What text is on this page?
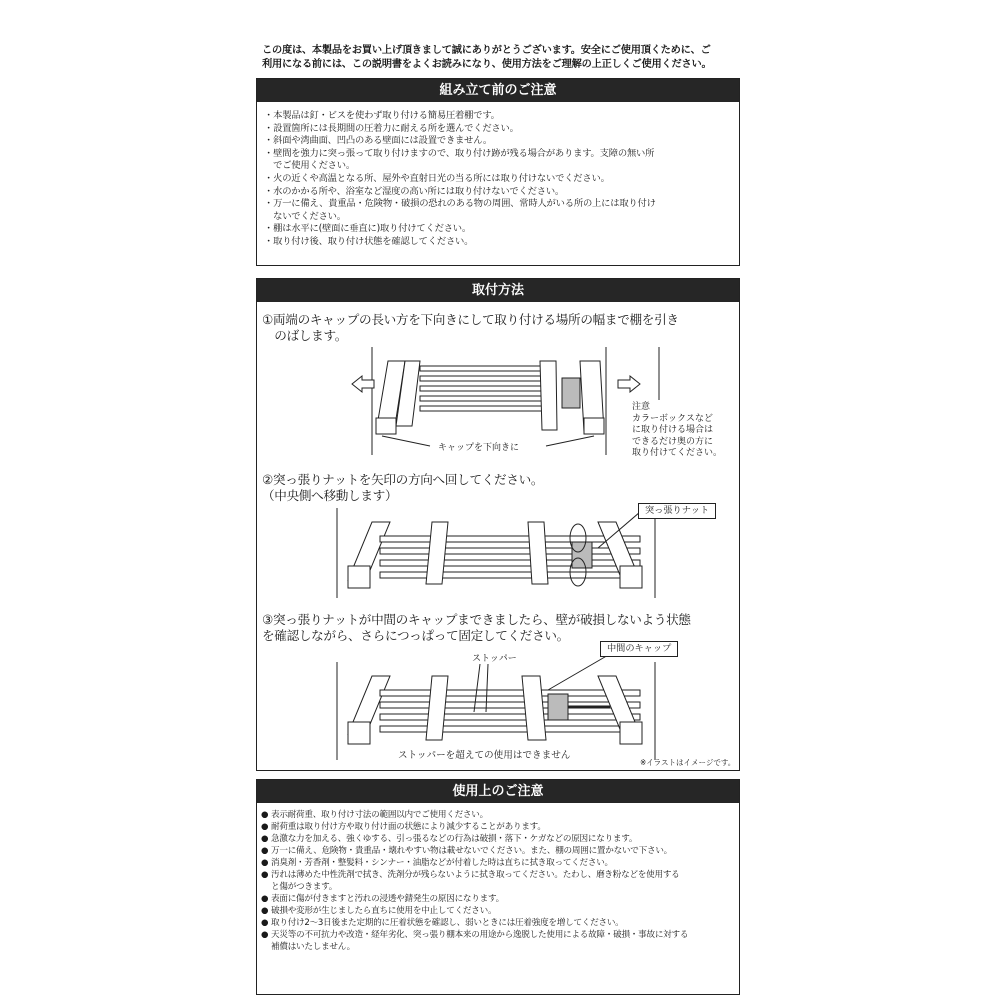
この度は、本製品をお買い上げ頂きまして誠にありがとうございます。安全にご使用頂くために、ご
利用になる前には、この説明書をよくお読みになり、使用方法をご理解の上正しくご使用ください。
組み立て前のご注意
・本製品は釘・ビスを使わず取り付ける簡易圧着棚です。
・設置箇所には長期間の圧着力に耐える所を選んでください。
・斜面や湾曲面、凹凸のある壁面には設置できません。
・壁間を強力に突っ張って取り付けますので、取り付け跡が残る場合があります。支障の無い所
　でご使用ください。
・火の近くや高温となる所、屋外や直射日光の当る所には取り付けないでください。
・水のかかる所や、浴室など湿度の高い所には取り付けないでください。
・万一に備え、貴重品・危険物・破損の恐れのある物の周囲、常時人がいる所の上には取り付け
　ないでください。
・棚は水平に(壁面に垂直に)取り付けてください。
・取り付け後、取り付け状態を確認してください。
取付方法
①両端のキャップの長い方を下向きにして取り付ける場所の幅まで棚を引き
　のばします。
②突っ張りナットを矢印の方向へ回してください。
（中央側へ移動します）
③突っ張りナットが中間のキャップまできましたら、壁が破損しないよう状態
を確認しながら、さらにつっぱって固定してください。
キャップを下向きに
注意
カラーボックスなど
に取り付ける場合は
できるだけ奥の方に
取り付けてください。
突っ張りナット
ストッパー
中間のキャップ
ストッパーを超えての使用はできません
※イラストはイメージです。
使用上のご注意
● 表示耐荷重、取り付け寸法の範囲以内でご使用ください。
● 耐荷重は取り付け方や取り付け面の状態により減少することがあります。
● 急激な力を加える、強くゆする、引っ張るなどの行為は破損・落下・ケガなどの原因になります。
● 万一に備え、危険物・貴重品・壊れやすい物は載せないでください。また、棚の周囲に置かないで下さい。
● 消臭剤・芳香剤・整髪料・シンナー・油脂などが付着した時は直ちに拭き取ってください。
● 汚れは薄めた中性洗剤で拭き、洗剤分が残らないように拭き取ってください。たわし、磨き粉などを使用する
と傷がつきます。
● 表面に傷が付きますと汚れの浸透や錆発生の原因になります。
● 破損や変形が生じましたら直ちに使用を中止してください。
● 取り付け2～3日後また定期的に圧着状態を確認し、弱いときには圧着強度を増してください。
● 天災等の不可抗力や改造・経年劣化、突っ張り棚本来の用途から逸脱した使用による故障・破損・事故に対する
補償はいたしません。
